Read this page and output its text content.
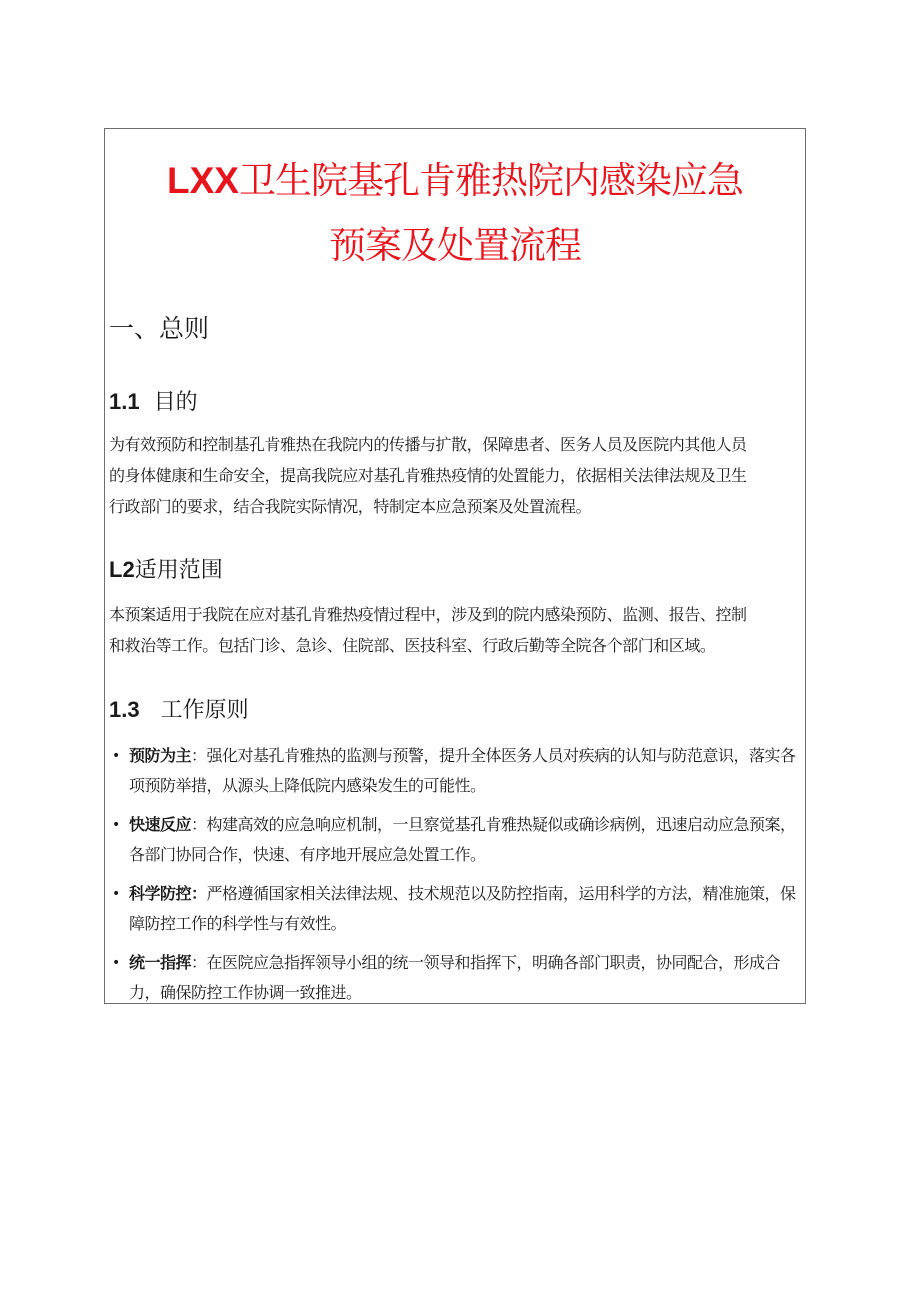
LXX卫生院基孔肯雅热院内感染应急
预案及处置流程
一、总则
1.1 目的
为有效预防和控制基孔肯雅热在我院内的传播与扩散，保障患者、医务人员及医院内其他人员
的身体健康和生命安全，提高我院应对基孔肯雅热疫情的处置能力，依据相关法律法规及卫生
行政部门的要求，结合我院实际情况，特制定本应急预案及处置流程。
L2适用范围
本预案适用于我院在应对基孔肯雅热疫情过程中，涉及到的院内感染预防、监测、报告、控制
和救治等工作。包括门诊、急诊、住院部、医技科室、行政后勤等全院各个部门和区域。
1.3 工作原则
• 预防为主：强化对基孔肯雅热的监测与预警，提升全体医务人员对疾病的认知与防范意识，落实各项预防举措，从源头上降低院内感染发生的可能性。
• 快速反应：构建高效的应急响应机制，一旦察觉基孔肯雅热疑似或确诊病例，迅速启动应急预案，各部门协同合作，快速、有序地开展应急处置工作。
• 科学防控：严格遵循国家相关法律法规、技术规范以及防控指南，运用科学的方法，精准施策，保障防控工作的科学性与有效性。
• 统一指挥：在医院应急指挥领导小组的统一领导和指挥下，明确各部门职责，协同配合，形成合力，确保防控工作协调一致推进。
